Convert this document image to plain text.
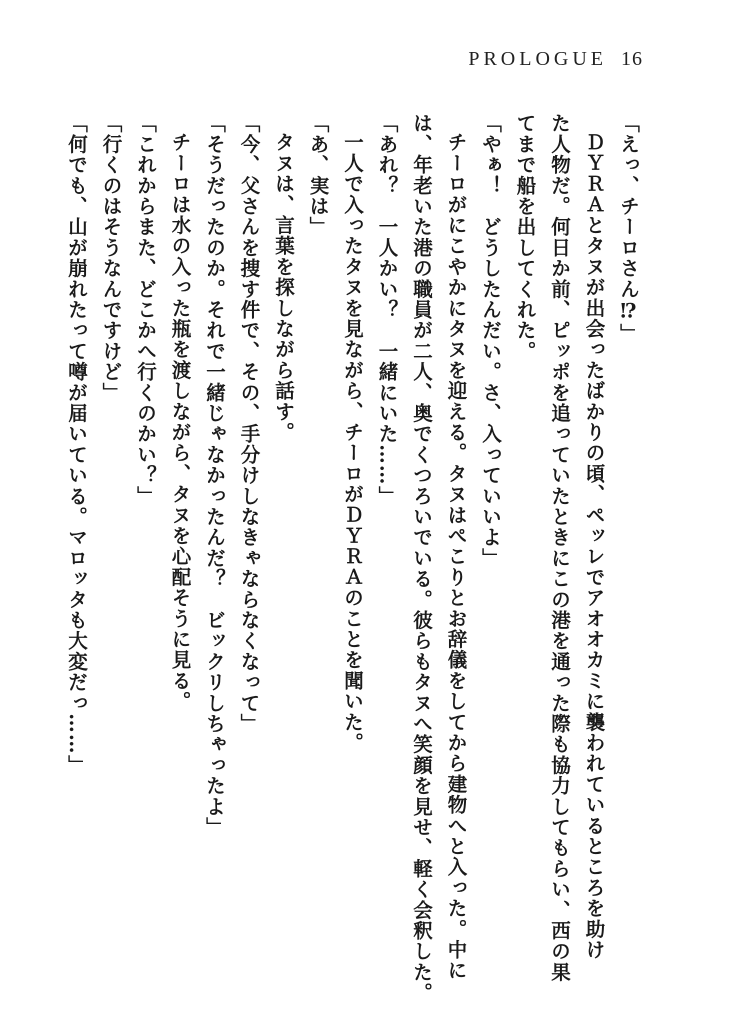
PROLOGUE 16
「えっ、チーロさん⁉」
ＤＹＲＡとタヌが出会ったばかりの頃、ペッレでアオオカミに襲われているところを助け
た人物だ。何日か前、ピッポを追っていたときにこの港を通った際も協力してもらい、西の果
てまで船を出してくれた。
「やぁ！　どうしたんだい。さ、入っていいよ」
チーロがにこやかにタヌを迎える。タヌはぺこりとお辞儀をしてから建物へと入った。中に
は、年老いた港の職員が二人、奥でくつろいでいる。彼らもタヌへ笑顔を見せ、軽く会釈した。
「あれ？　一人かい？　一緒にいた……」
一人で入ったタヌを見ながら、チーロがＤＹＲＡのことを聞いた。
「あ、実は」
タヌは、言葉を探しながら話す。
「今、父さんを捜す件で、その、手分けしなきゃならなくなって」
「そうだったのか。それで一緒じゃなかったんだ？　ビックリしちゃったよ」
チーロは水の入った瓶を渡しながら、タヌを心配そうに見る。
「これからまた、どこかへ行くのかい？」
「行くのはそうなんですけど」
「何でも、山が崩れたって噂が届いている。マロッタも大変だっ……」
